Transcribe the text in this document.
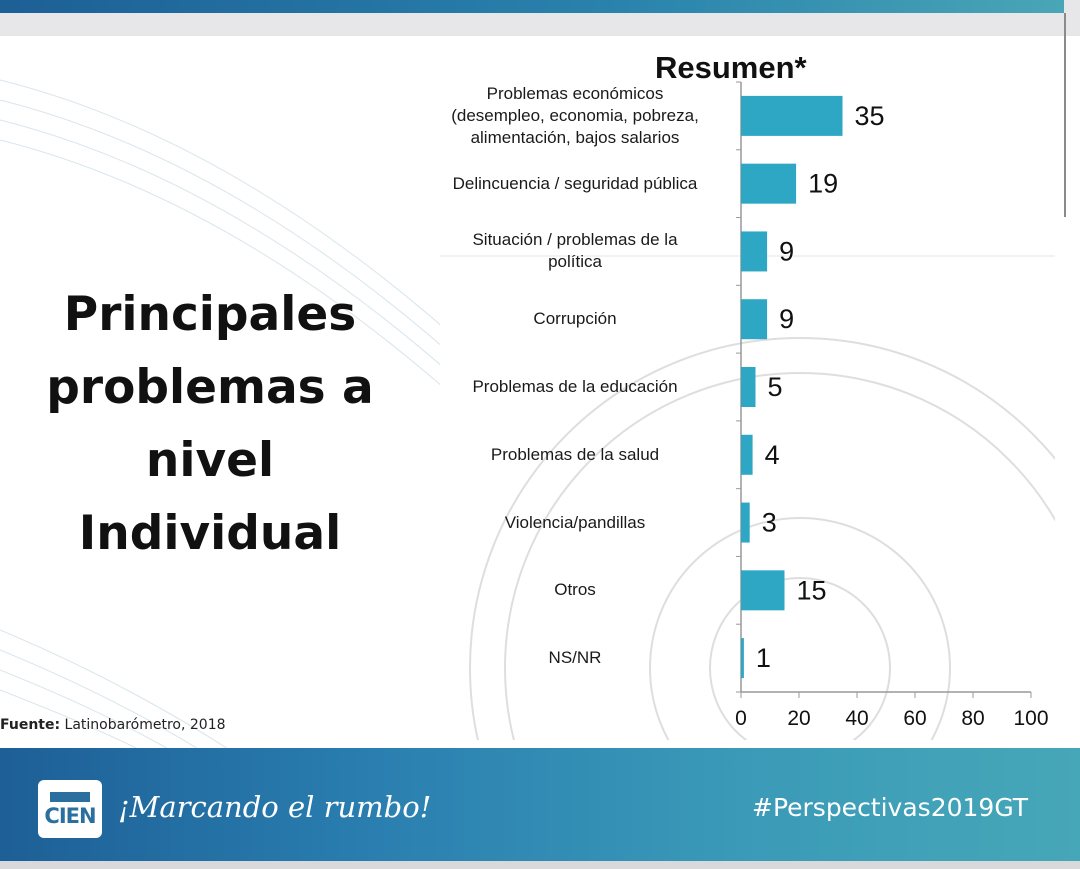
Principales
problemas a
nivel
Individual
Fuente: Latinobarómetro, 2018
Resumen*
Problemas económicos
(desempleo, economia, pobreza,
alimentación, bajos salarios
Delincuencia / seguridad pública
Situación / problemas de la
política
Corrupción
Problemas de la educación
Problemas de la salud
Violencia/pandillas
Otros
NS/NR
0 20 40 60 80 100
35
19
9
9
5
4
3
15
1
CIEN ¡Marcando el rumbo!	#Perspectivas2019GT
